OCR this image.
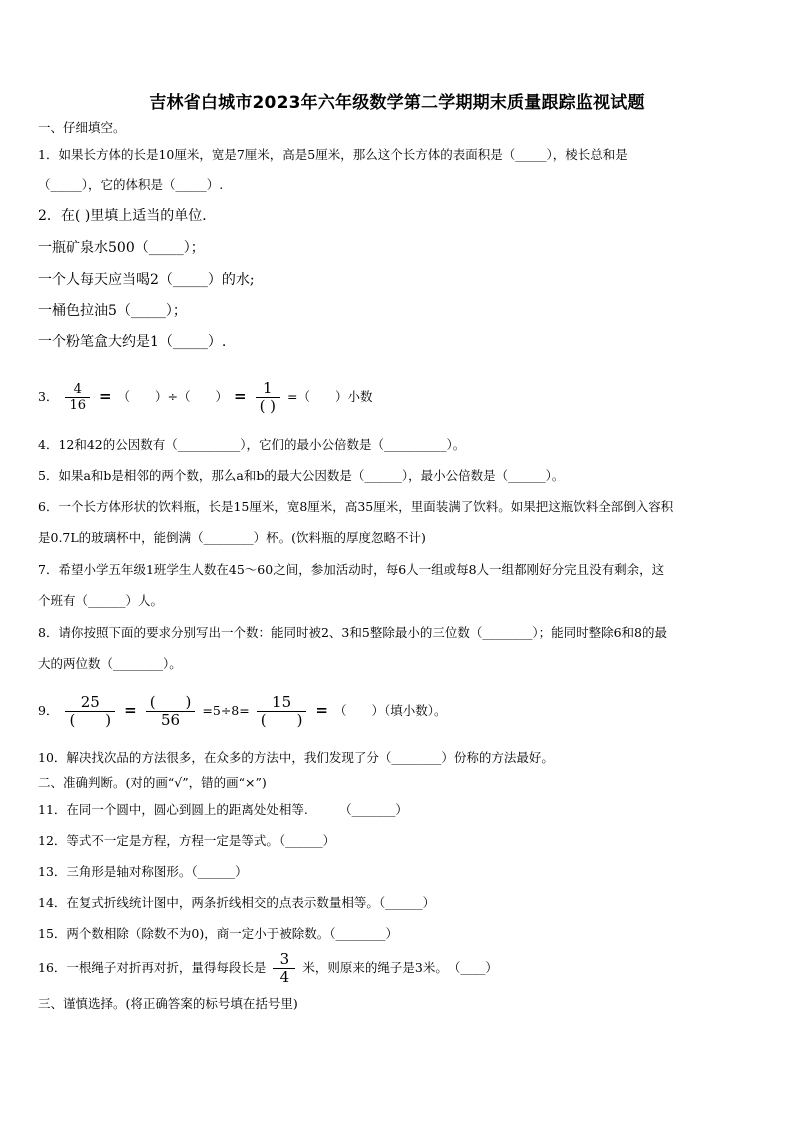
吉林省白城市2023年六年级数学第二学期期末质量跟踪监视试题
一、仔细填空。
1．如果长方体的长是10厘米，宽是7厘米，高是5厘米，那么这个长方体的表面积是（_____），棱长总和是
（_____），它的体积是（_____）.
2．在( )里填上适当的单位．
一瓶矿泉水500（_____）；
一个人每天应当喝2（_____）的水;
一桶色拉油5（_____）；
一个粉笔盒大约是1（_____）.
3． $\frac{4}{16}$ = （　　）÷（　　） = $\frac{1}{( )}$ =（　　）小数
4．12和42的公因数有（__________），它们的最小公倍数是（__________）。
5．如果a和b是相邻的两个数，那么a和b的最大公因数是（______），最小公倍数是（______）。
6．一个长方体形状的饮料瓶，长是15厘米，宽8厘米，高35厘米，里面装满了饮料。如果把这瓶饮料全部倒入容积
是0.7L的玻璃杯中，能倒满（________）杯。(饮料瓶的厚度忽略不计)
7．希望小学五年级1班学生人数在45～60之间，参加活动时，每6人一组或每8人一组都刚好分完且没有剩余，这
个班有（______）人。
8．请你按照下面的要求分别写出一个数：能同时被2、3和5整除最小的三位数（________）；能同时整除6和8的最
大的两位数（________）。
9． $\frac{25}{( )} = \frac{( )}{56} =5\div 8= \frac{15}{( )}$ = （　　）（填小数）。
10．解决找次品的方法很多，在众多的方法中，我们发现了分（________）份称的方法最好。
二、准确判断。(对的画“√”，错的画“×”)
11．在同一个圆中，圆心到圆上的距离处处相等.　　　（_______）
12．等式不一定是方程，方程一定是等式。（______）
13．三角形是轴对称图形。（______）
14．在复式折线统计图中，两条折线相交的点表示数量相等。（______）
15．两个数相除（除数不为0)，商一定小于被除数。（________）
16．一根绳子对折再对折，量得每段长是 $\frac{3}{4}$ 米，则原来的绳子是3米。　（____）
三、谨慎选择。(将正确答案的标号填在括号里)
